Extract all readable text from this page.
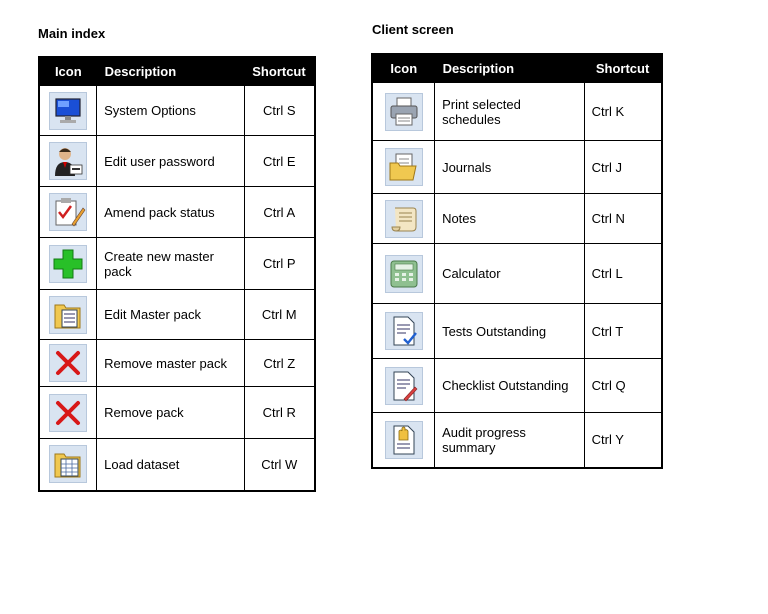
Main index
Icon	Description	Shortcut

	System Options	Ctrl S

	Edit user password	Ctrl E

	Amend pack status	Ctrl A

	Create new master pack	Ctrl P

	Edit Master pack	Ctrl M

	Remove master pack	Ctrl Z

	Remove pack	Ctrl R

	Load dataset	Ctrl W
Client screen
Icon	Description	Shortcut

	Print selected schedules	Ctrl K

	Journals	Ctrl J

	Notes	Ctrl N

	Calculator	Ctrl L

	Tests Outstanding	Ctrl T

	Checklist Outstanding	Ctrl Q

	Audit progress summary	Ctrl Y
